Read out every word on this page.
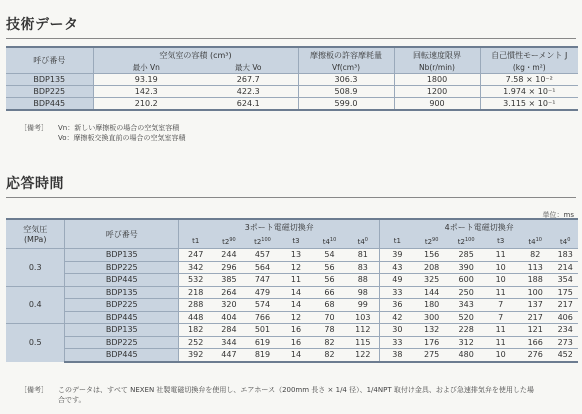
技術データ
呼び番号	空気室の容積 (cm³)		摩擦板の許容摩耗量	回転速度限界	自己慣性モーメント J
	最小 Vn	最大 Vo	Vf(cm³)	Nb(r/min)	(kg・m²)
BDP135	93.19	267.7	306.3	1800	7.58 × 10⁻²
BDP225	142.3	422.3	508.9	1200	1.974 × 10⁻¹
BDP445	210.2	624.1	599.0	900	3.115 × 10⁻¹
［備考］ Vn：新しい摩擦板の場合の空気室容積
Vo：摩擦板交換直前の場合の空気室容積
応答時間
単位：ms
空気圧
(MPa)	呼び番号	3ポート電磁切換弁						4ポート電磁切換弁					
		t1	$t2^{90}$	$t2^{100}$	t3	$t4^{10}$	$t4^0$	t1	$t2^{90}$	$t2^{100}$	t3	$t4^{10}$	$t4^0$
0.3	BDP135	247	244	457	13	54	81	39	156	285	11	82	183
	BDP225	342	296	564	12	56	83	43	208	390	10	113	214
	BDP445	532	385	747	11	56	88	49	325	600	10	188	354
0.4	BDP135	218	264	479	14	66	98	33	144	250	11	100	175
	BDP225	288	320	574	14	68	99	36	180	343	7	137	217
	BDP445	448	404	766	12	70	103	42	300	520	7	217	406
0.5	BDP135	182	284	501	16	78	112	30	132	228	11	121	234
	BDP225	252	344	619	16	82	115	33	176	312	11	166	273
	BDP445	392	447	819	14	82	122	38	275	480	10	276	452
［備考］ このデータは、すべて NEXEN 社製電磁切換弁を使用し、エアホース（200mm 長さ × 1/4 径）、1/4NPT 取付け金具、および急速排気弁を使用した場
合です。
